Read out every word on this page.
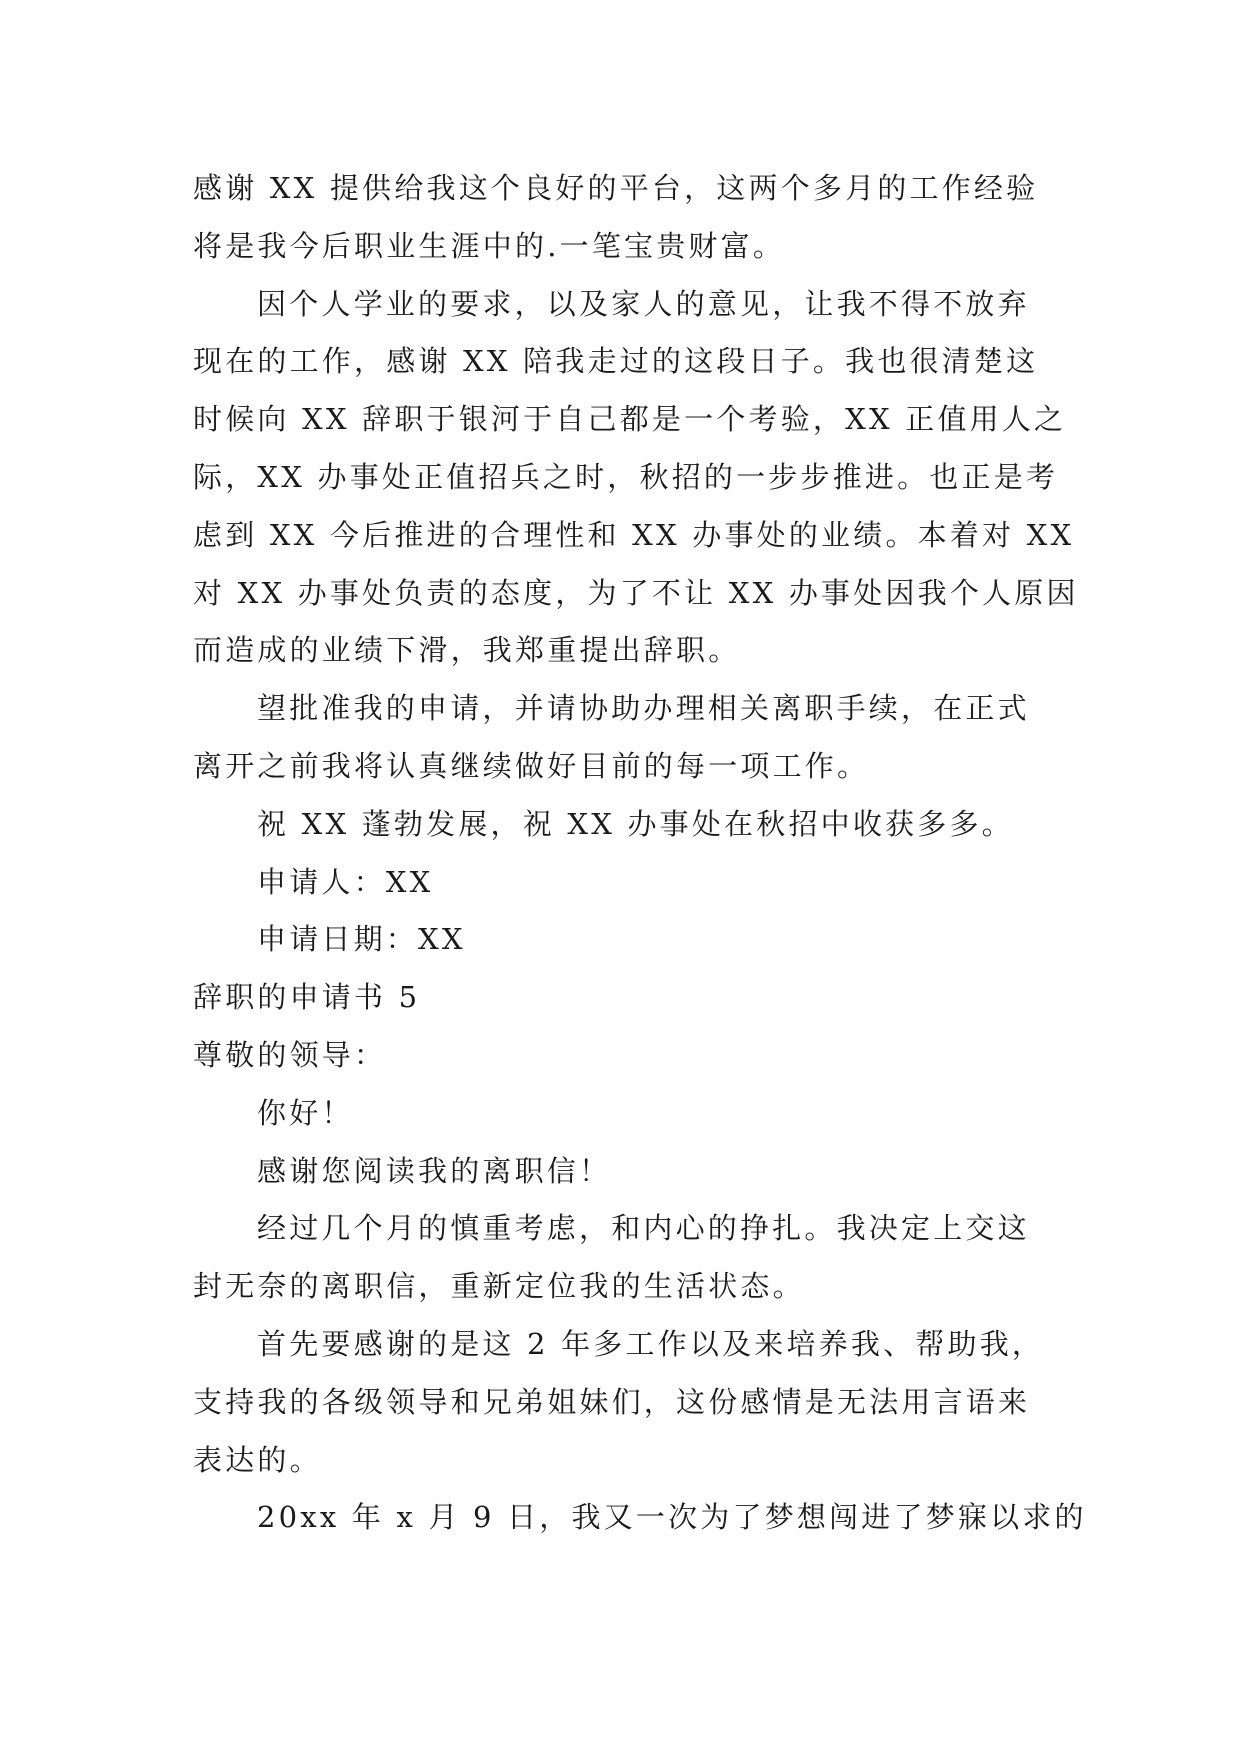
感谢 XX 提供给我这个良好的平台，这两个多月的工作经验
将是我今后职业生涯中的.一笔宝贵财富。
因个人学业的要求，以及家人的意见，让我不得不放弃
现在的工作，感谢 XX 陪我走过的这段日子。我也很清楚这
时候向 XX 辞职于银河于自己都是一个考验，XX 正值用人之
际，XX 办事处正值招兵之时，秋招的一步步推进。也正是考
虑到 XX 今后推进的合理性和 XX 办事处的业绩。本着对 XX
对 XX 办事处负责的态度，为了不让 XX 办事处因我个人原因
而造成的业绩下滑，我郑重提出辞职。
望批准我的申请，并请协助办理相关离职手续，在正式
离开之前我将认真继续做好目前的每一项工作。
祝 XX 蓬勃发展，祝 XX 办事处在秋招中收获多多。
申请人：XX
申请日期：XX
辞职的申请书 5
尊敬的领导：
你好！
感谢您阅读我的离职信！
经过几个月的慎重考虑，和内心的挣扎。我决定上交这
封无奈的离职信，重新定位我的生活状态。
首先要感谢的是这 2 年多工作以及来培养我、帮助我，
支持我的各级领导和兄弟姐妹们，这份感情是无法用言语来
表达的。
20xx 年 x 月 9 日，我又一次为了梦想闯进了梦寐以求的
